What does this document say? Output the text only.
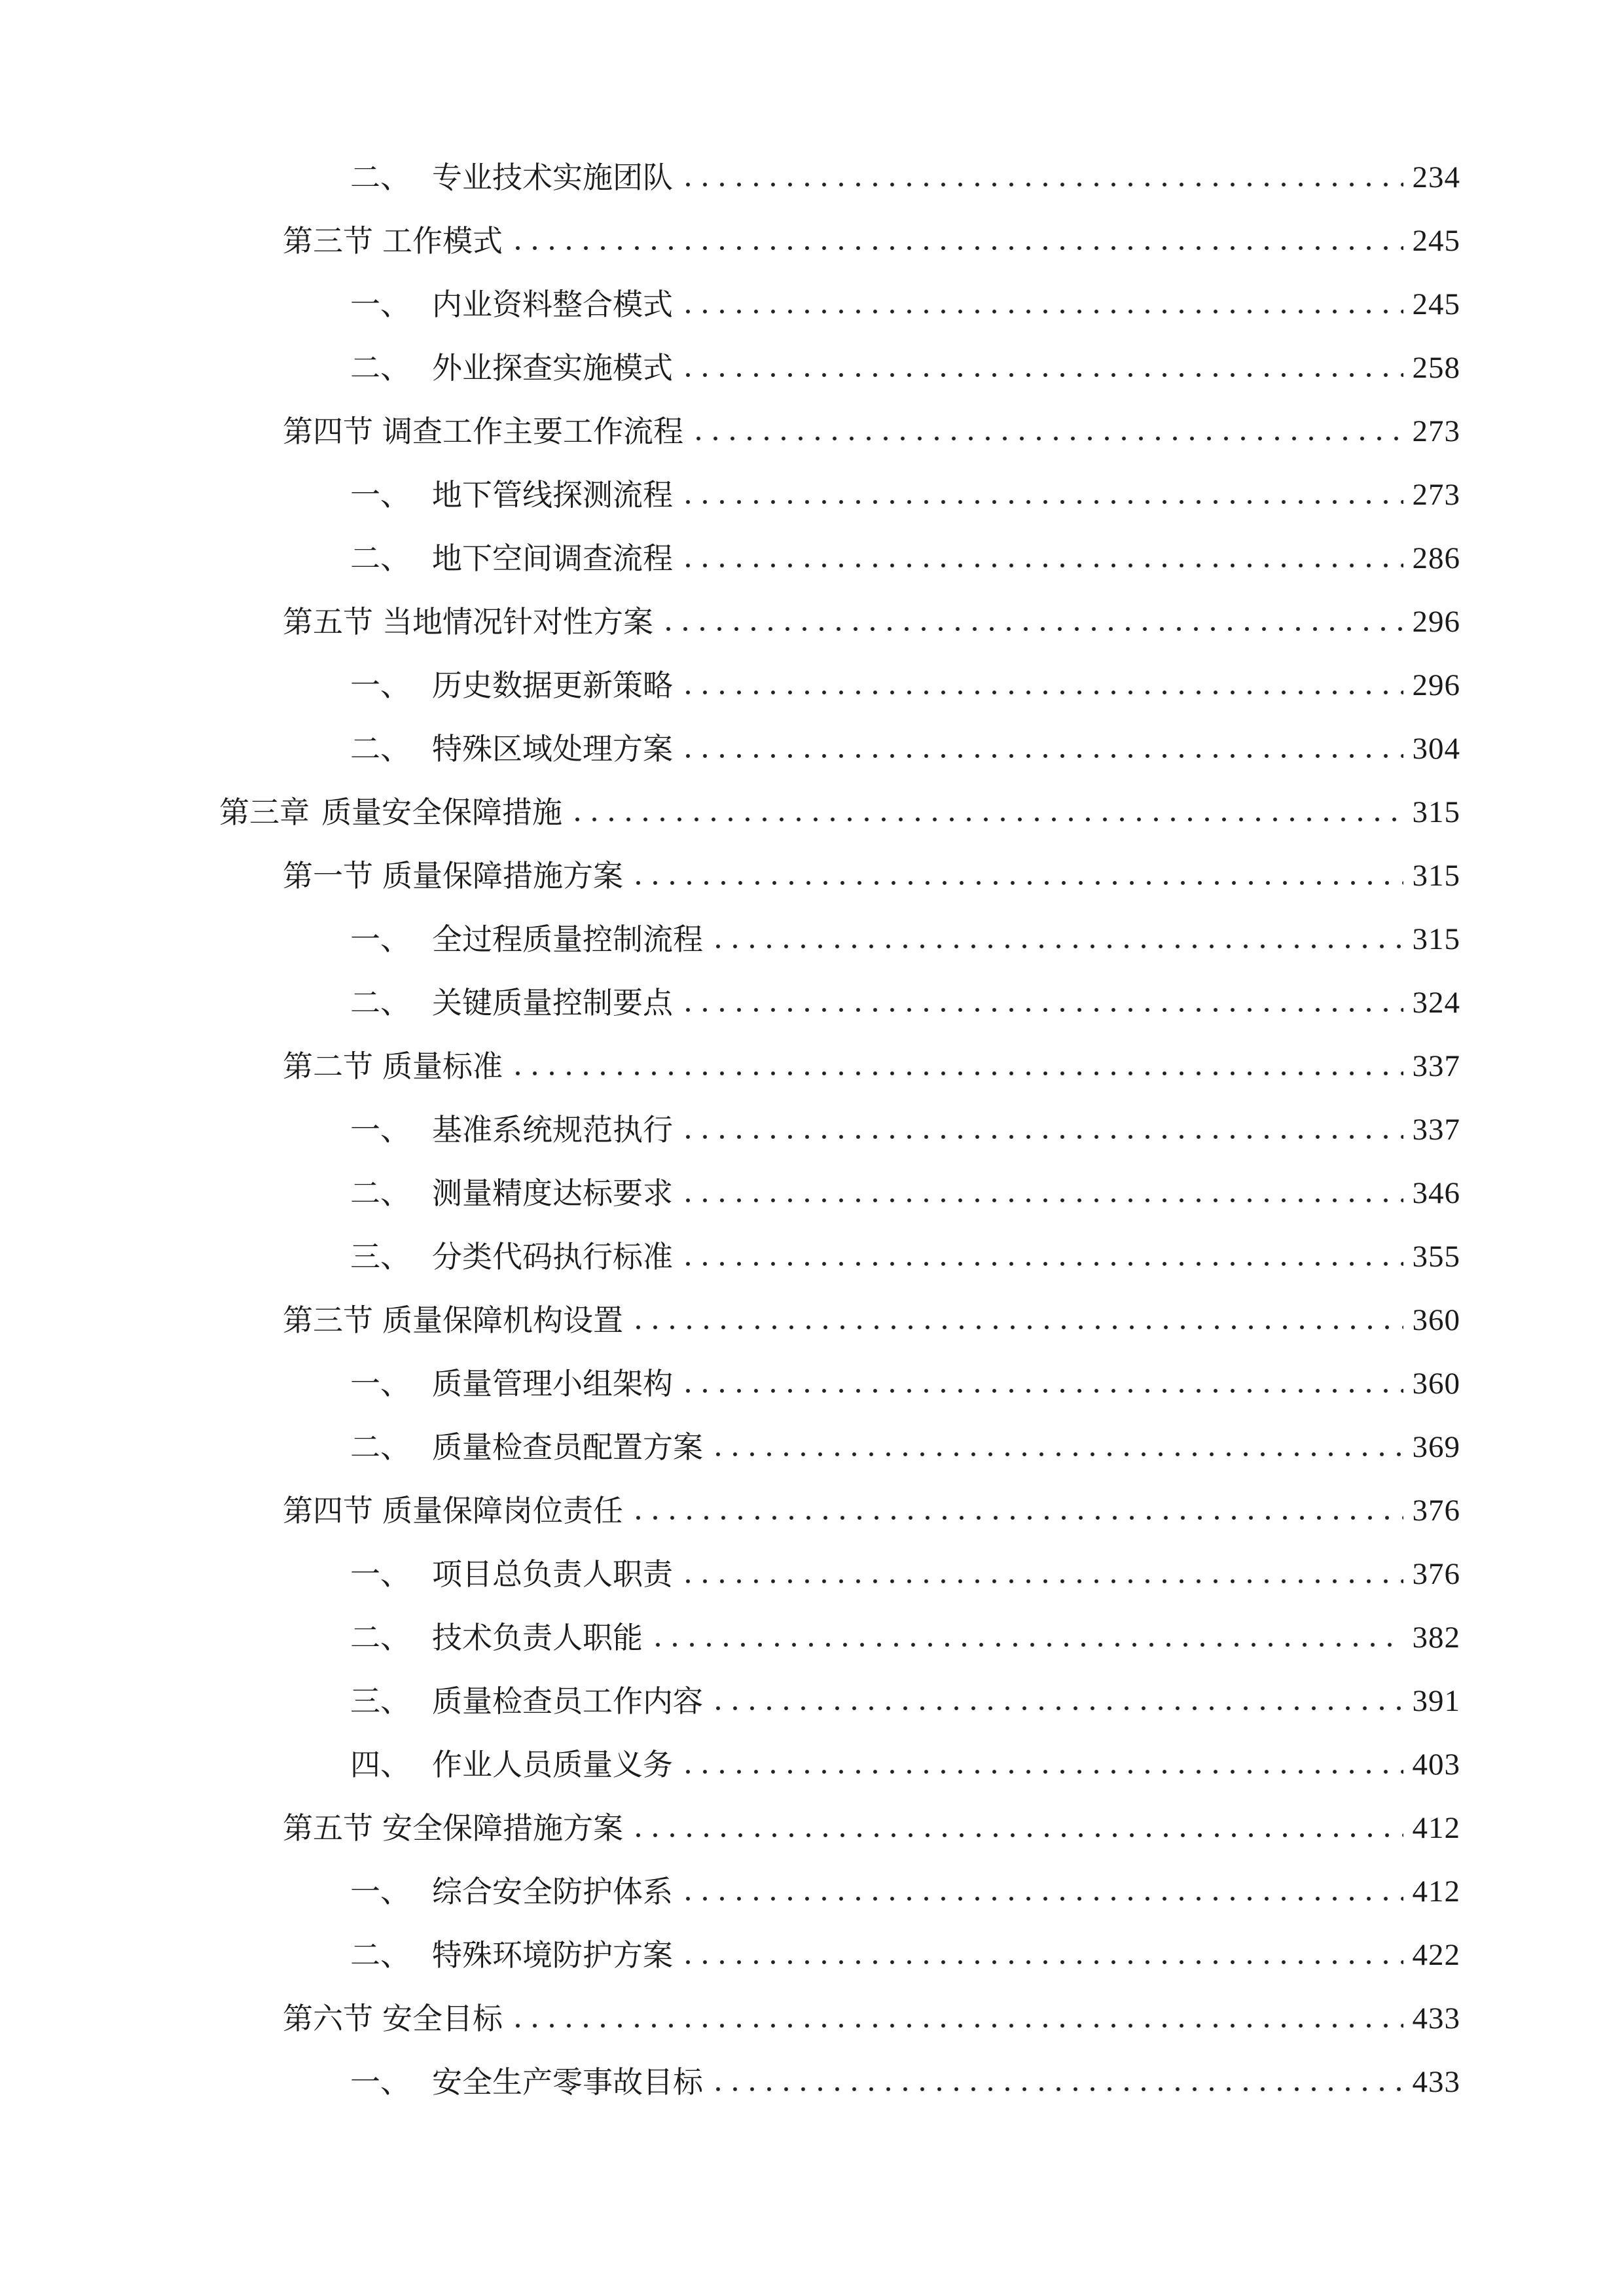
二、 专业技术实施团队	234
第三节 工作模式	245
一、 内业资料整合模式	245
二、 外业探查实施模式	258
第四节 调查工作主要工作流程	273
一、 地下管线探测流程	273
二、 地下空间调查流程	286
第五节 当地情况针对性方案	296
一、 历史数据更新策略	296
二、 特殊区域处理方案	304
第三章 质量安全保障措施	315
第一节 质量保障措施方案	315
一、 全过程质量控制流程	315
二、 关键质量控制要点	324
第二节 质量标准	337
一、 基准系统规范执行	337
二、 测量精度达标要求	346
三、 分类代码执行标准	355
第三节 质量保障机构设置	360
一、 质量管理小组架构	360
二、 质量检查员配置方案	369
第四节 质量保障岗位责任	376
一、 项目总负责人职责	376
二、 技术负责人职能	382
三、 质量检查员工作内容	391
四、 作业人员质量义务	403
第五节 安全保障措施方案	412
一、 综合安全防护体系	412
二、 特殊环境防护方案	422
第六节 安全目标	433
一、 安全生产零事故目标	433
